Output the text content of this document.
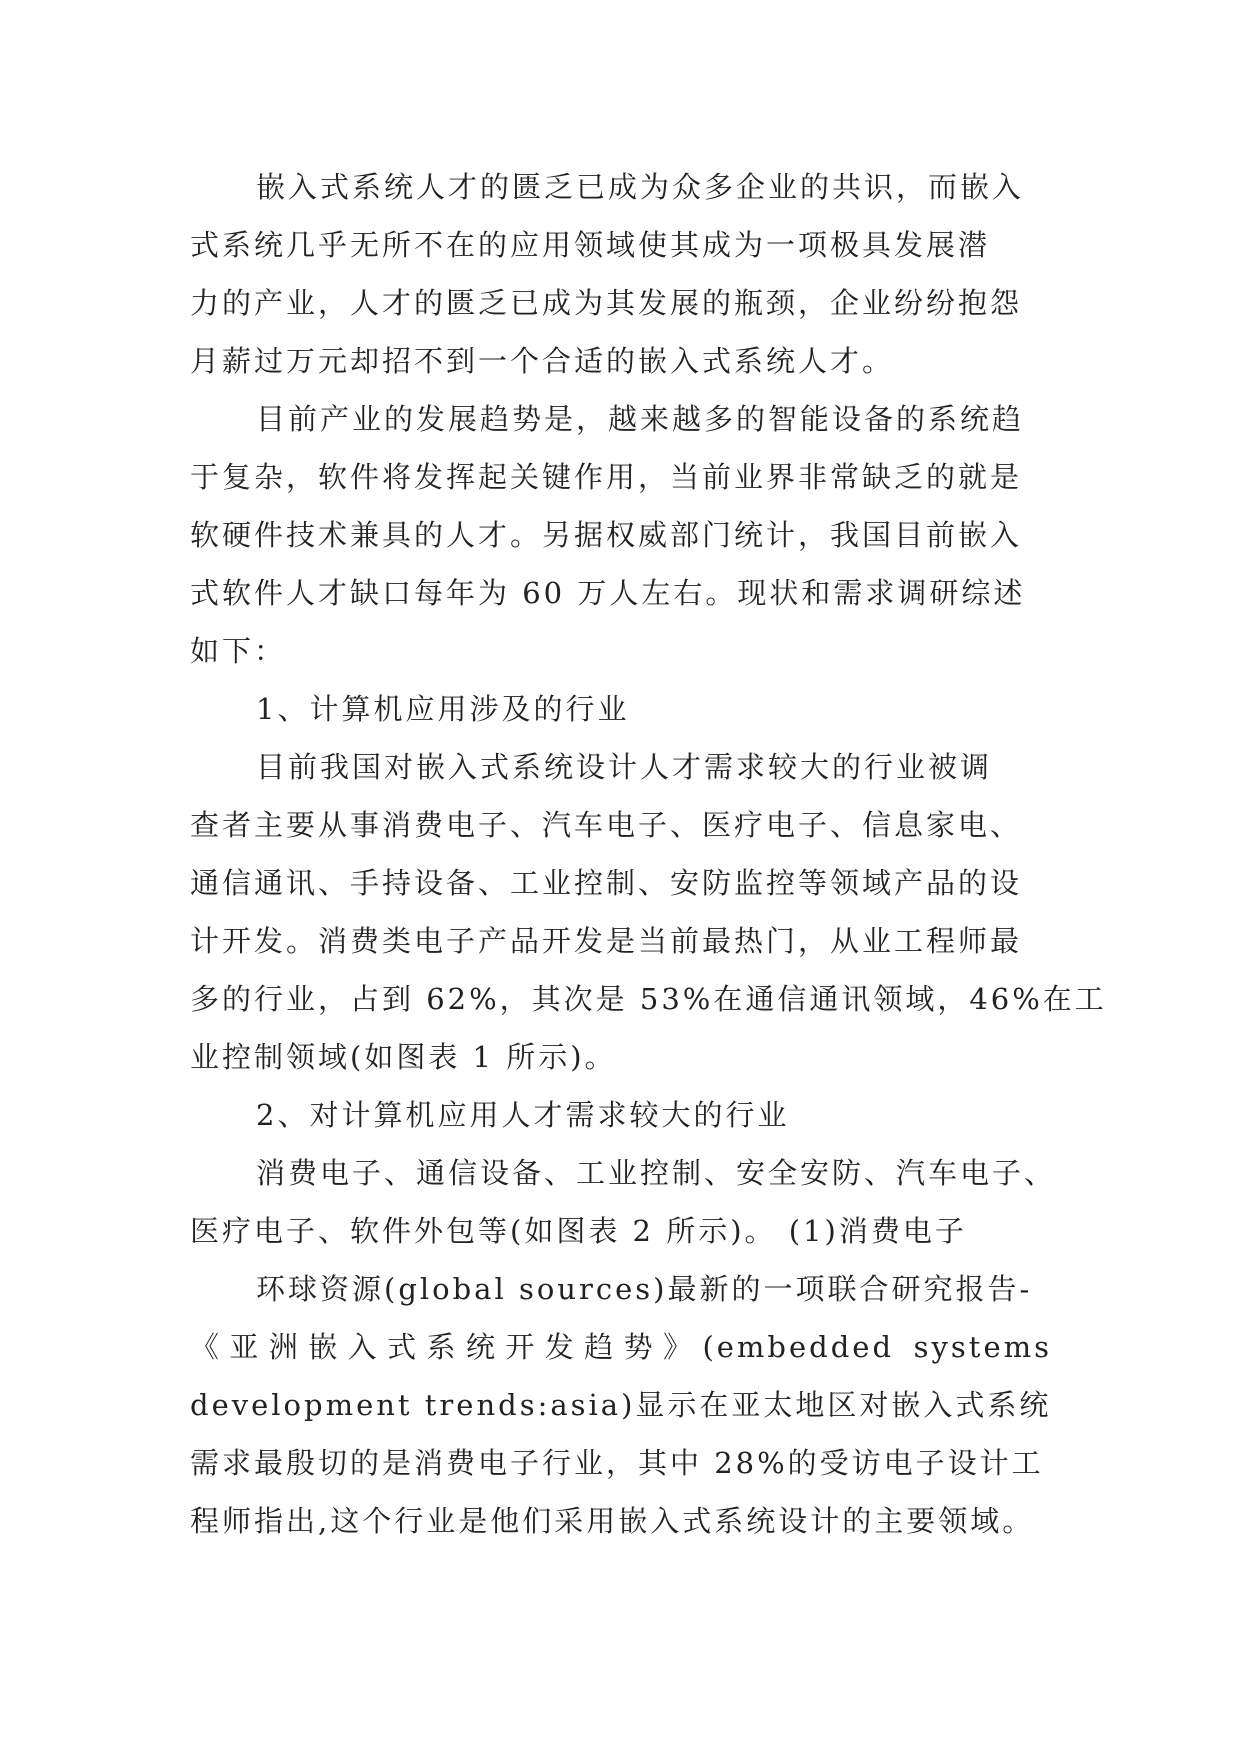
嵌入式系统人才的匮乏已成为众多企业的共识，而嵌入
式系统几乎无所不在的应用领域使其成为一项极具发展潜
力的产业，人才的匮乏已成为其发展的瓶颈，企业纷纷抱怨
月薪过万元却招不到一个合适的嵌入式系统人才。
目前产业的发展趋势是，越来越多的智能设备的系统趋
于复杂，软件将发挥起关键作用，当前业界非常缺乏的就是
软硬件技术兼具的人才。另据权威部门统计，我国目前嵌入
式软件人才缺口每年为 60 万人左右。现状和需求调研综述
如下：
1、计算机应用涉及的行业
目前我国对嵌入式系统设计人才需求较大的行业被调
查者主要从事消费电子、汽车电子、医疗电子、信息家电、
通信通讯、手持设备、工业控制、安防监控等领域产品的设
计开发。消费类电子产品开发是当前最热门，从业工程师最
多的行业，占到 62%，其次是 53%在通信通讯领域，46%在工
业控制领域(如图表 1 所示)。
2、对计算机应用人才需求较大的行业
消费电子、通信设备、工业控制、安全安防、汽车电子、
医疗电子、软件外包等(如图表 2 所示)。 (1)消费电子
环球资源(global sources)最新的一项联合研究报告-
《亚洲嵌入式系统开发趋势》(embedded systems
development trends:asia)显示在亚太地区对嵌入式系统
需求最殷切的是消费电子行业，其中 28%的受访电子设计工
程师指出,这个行业是他们采用嵌入式系统设计的主要领域。
